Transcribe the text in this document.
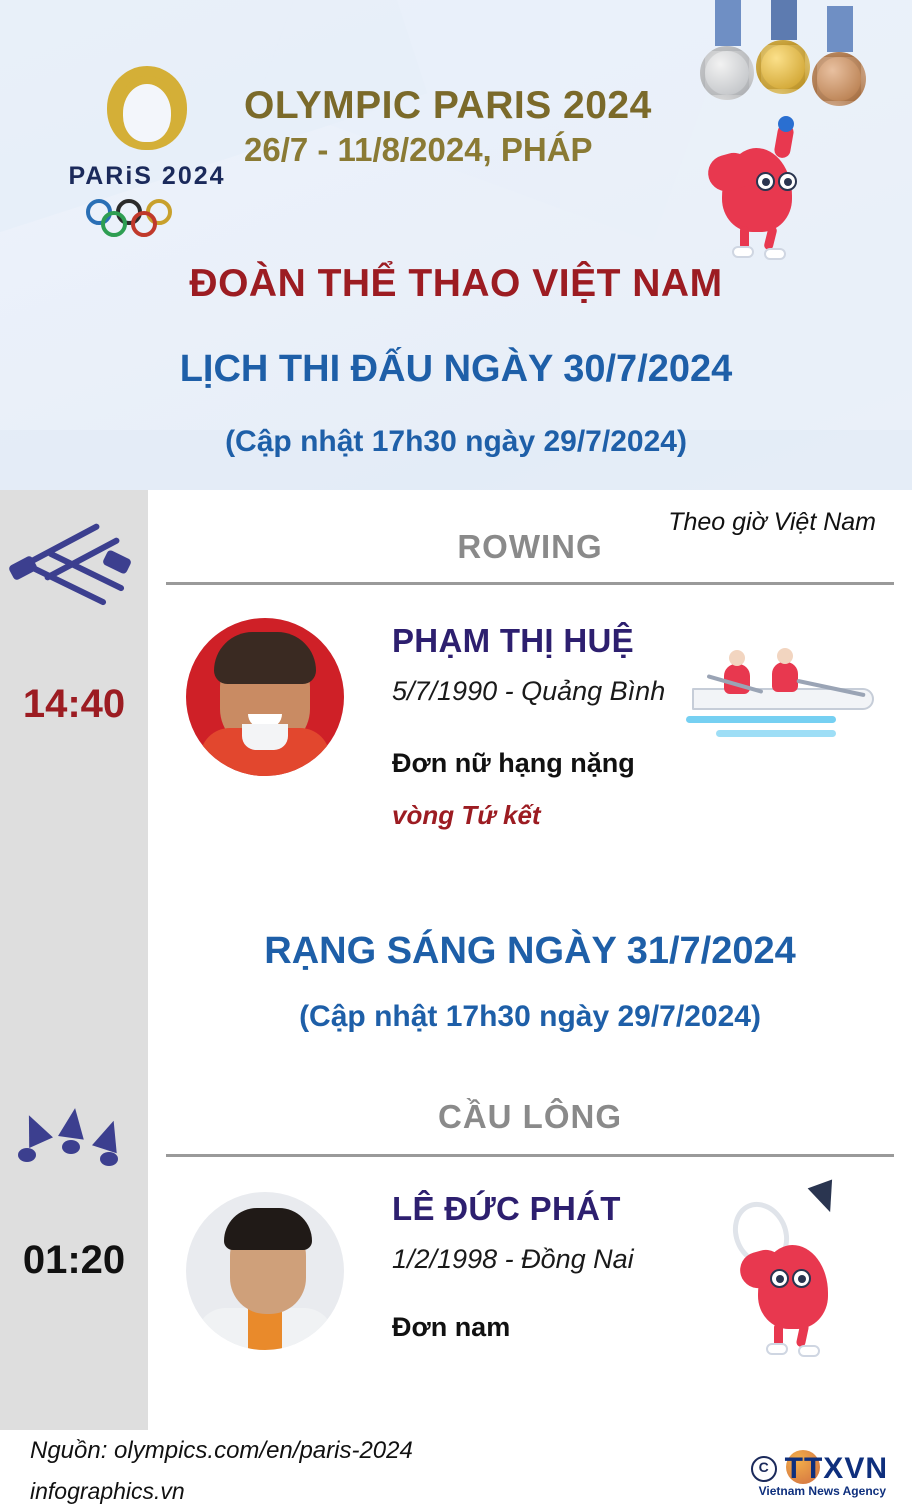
PARiS 2024
OLYMPIC PARIS 2024
26/7 - 11/8/2024, PHÁP
ĐOÀN THỂ THAO VIỆT NAM
LỊCH THI ĐẤU NGÀY 30/7/2024
(Cập nhật 17h30 ngày 29/7/2024)
Theo giờ Việt Nam
ROWING
14:40
PHẠM THỊ HUỆ
5/7/1990 - Quảng Bình
Đơn nữ hạng nặng
vòng Tứ kết
RẠNG SÁNG NGÀY 31/7/2024
(Cập nhật 17h30 ngày 29/7/2024)
CẦU LÔNG
01:20
LÊ ĐỨC PHÁT
1/2/1998 - Đồng Nai
Đơn nam
Nguồn: olympics.com/en/paris-2024
infographics.vn
C TTXVN
Vietnam News Agency
